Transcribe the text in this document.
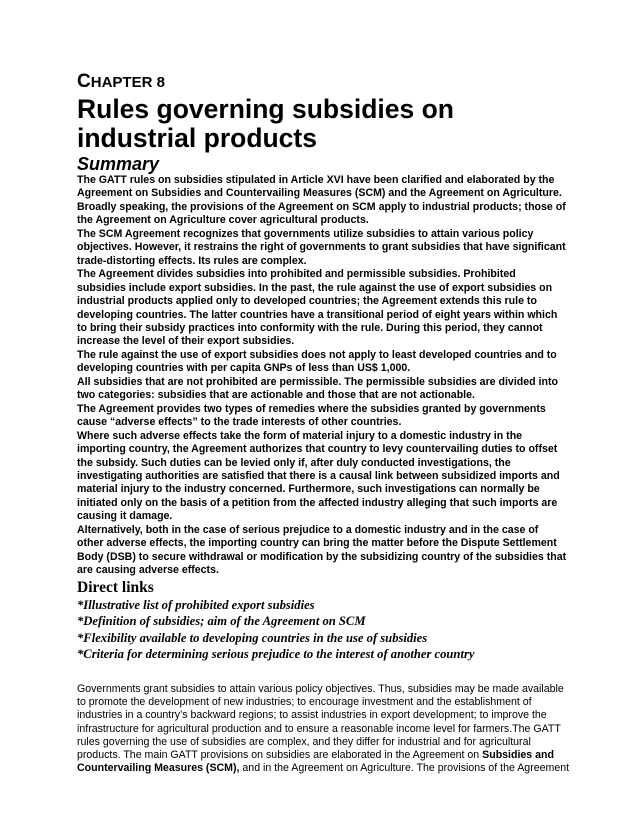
CHAPTER 8

Rules governing subsidies on industrial products
Summary

The GATT rules on subsidies stipulated in Article XVI have been clarified and elaborated by the Agreement on Subsidies and Countervailing Measures (SCM) and the Agreement on Agriculture. Broadly speaking, the provisions of the Agreement on SCM apply to industrial products; those of the Agreement on Agriculture cover agricultural products.

The SCM Agreement recognizes that governments utilize subsidies to attain various policy objectives. However, it restrains the right of governments to grant subsidies that have significant trade-distorting effects. Its rules are complex.

The Agreement divides subsidies into prohibited and permissible subsidies. Prohibited subsidies include export subsidies. In the past, the rule against the use of export subsidies on industrial products applied only to developed countries; the Agreement extends this rule to developing countries. The latter countries have a transitional period of eight years within which to bring their subsidy practices into conformity with the rule. During this period, they cannot increase the level of their export subsidies.

The rule against the use of export subsidies does not apply to least developed countries and to developing countries with per capita GNPs of less than US$ 1,000.

All subsidies that are not prohibited are permissible. The permissible subsidies are divided into two categories: subsidies that are actionable and those that are not actionable.

The Agreement provides two types of remedies where the subsidies granted by governments cause “adverse effects” to the trade interests of other countries.

Where such adverse effects take the form of material injury to a domestic industry in the importing country, the Agreement authorizes that country to levy countervailing duties to offset the subsidy. Such duties can be levied only if, after duly conducted investigations, the investigating authorities are satisfied that there is a causal link between subsidized imports and material injury to the industry concerned. Furthermore, such investigations can normally be initiated only on the basis of a petition from the affected industry alleging that such imports are causing it damage.

Alternatively, both in the case of serious prejudice to a domestic industry and in the case of other adverse effects, the importing country can bring the matter before the Dispute Settlement Body (DSB) to secure withdrawal or modification by the subsidizing country of the subsidies that are causing adverse effects.

Direct links

*Illustrative list of prohibited export subsidies

*Definition of subsidies; aim of the Agreement on SCM

*Flexibility available to developing countries in the use of subsidies

*Criteria for determining serious prejudice to the interest of another country

Governments grant subsidies to attain various policy objectives. Thus, subsidies may be made available to promote the development of new industries; to encourage investment and the establishment of industries in a country’s backward regions; to assist industries in export development; to improve the infrastructure for agricultural production and to ensure a reasonable income level for farmers.The GATT rules governing the use of subsidies are complex, and they differ for industrial and for agricultural products. The main GATT provisions on subsidies are elaborated in the Agreement on Subsidies and Countervailing Measures (SCM), and in the Agreement on Agriculture. The provisions of the Agreement
